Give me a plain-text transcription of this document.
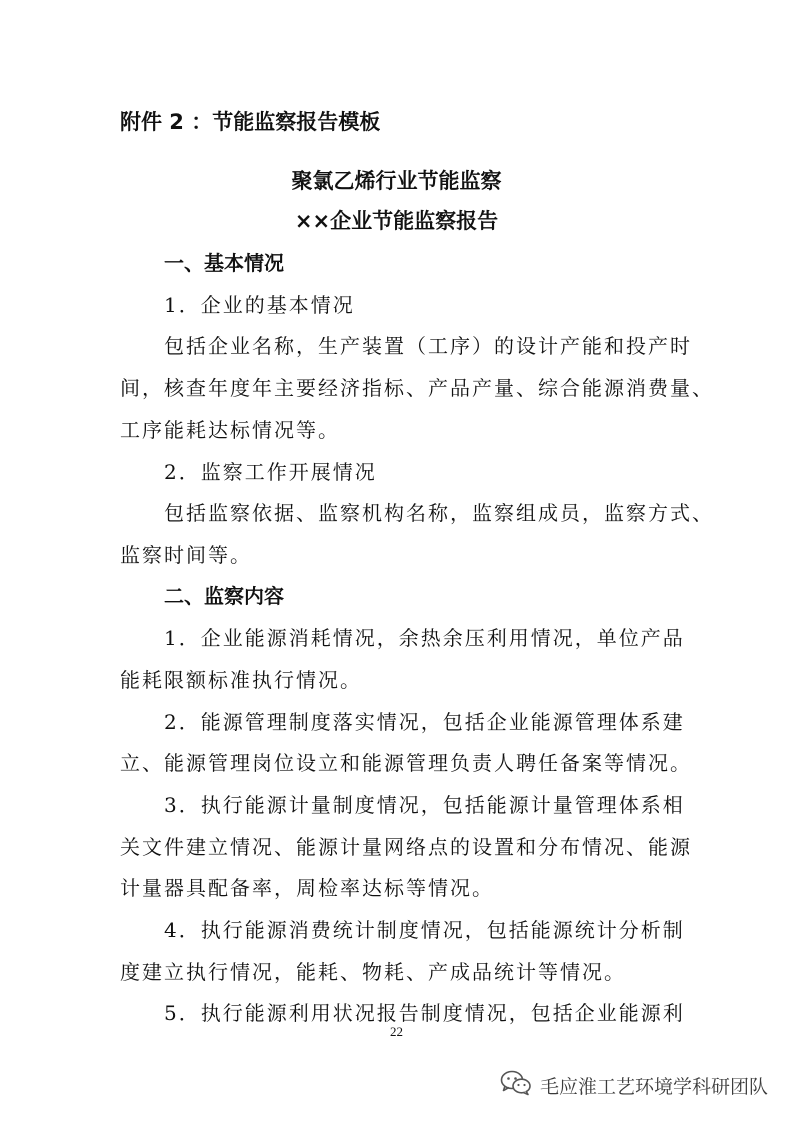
附件 2 ：节能监察报告模板
聚氯乙烯行业节能监察
××企业节能监察报告
一、基本情况
1．企业的基本情况
包括企业名称，生产装置（工序）的设计产能和投产时
间，核查年度年主要经济指标、产品产量、综合能源消费量、
工序能耗达标情况等。
2．监察工作开展情况
包括监察依据、监察机构名称，监察组成员，监察方式、
监察时间等。
二、监察内容
1．企业能源消耗情况，余热余压利用情况，单位产品
能耗限额标准执行情况。
2．能源管理制度落实情况，包括企业能源管理体系建
立、能源管理岗位设立和能源管理负责人聘任备案等情况。
3．执行能源计量制度情况，包括能源计量管理体系相
关文件建立情况、能源计量网络点的设置和分布情况、能源
计量器具配备率，周检率达标等情况。
4．执行能源消费统计制度情况，包括能源统计分析制
度建立执行情况，能耗、物耗、产成品统计等情况。
5．执行能源利用状况报告制度情况，包括企业能源利
22
毛应淮工艺环境学科研团队
